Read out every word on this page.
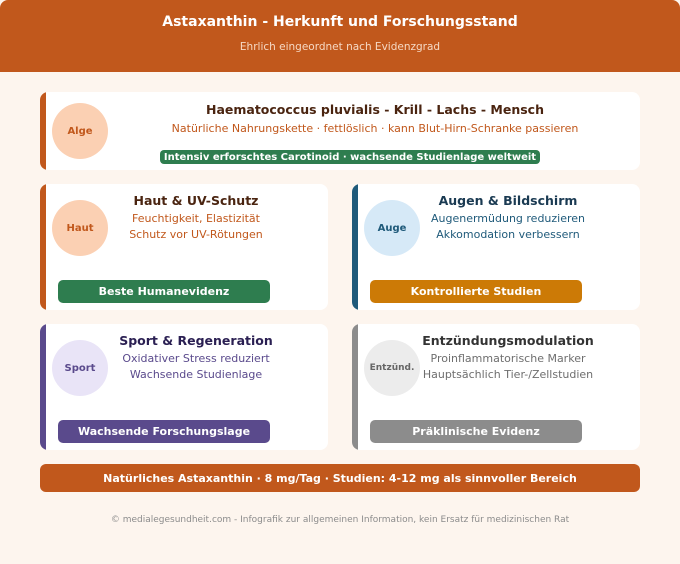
Astaxanthin - Herkunft und Forschungsstand
Ehrlich eingeordnet nach Evidenzgrad
Alge
Haematococcus pluvialis - Krill - Lachs - Mensch
Natürliche Nahrungskette · fettlöslich · kann Blut-Hirn-Schranke passieren
Intensiv erforschtes Carotinoid · wachsende Studienlage weltweit
Haut
Haut & UV-Schutz
Feuchtigkeit, Elastizität
Schutz vor UV-Rötungen
Beste Humanevidenz
Auge
Augen & Bildschirm
Augenermüdung reduzieren
Akkomodation verbessern
Kontrollierte Studien
Sport
Sport & Regeneration
Oxidativer Stress reduziert
Wachsende Studienlage
Wachsende Forschungslage
Entzünd.
Entzündungsmodulation
Proinflammatorische Marker
Hauptsächlich Tier-/Zellstudien
Präklinische Evidenz
Natürliches Astaxanthin · 8 mg/Tag · Studien: 4-12 mg als sinnvoller Bereich
© medialegesundheit.com - Infografik zur allgemeinen Information, kein Ersatz für medizinischen Rat
